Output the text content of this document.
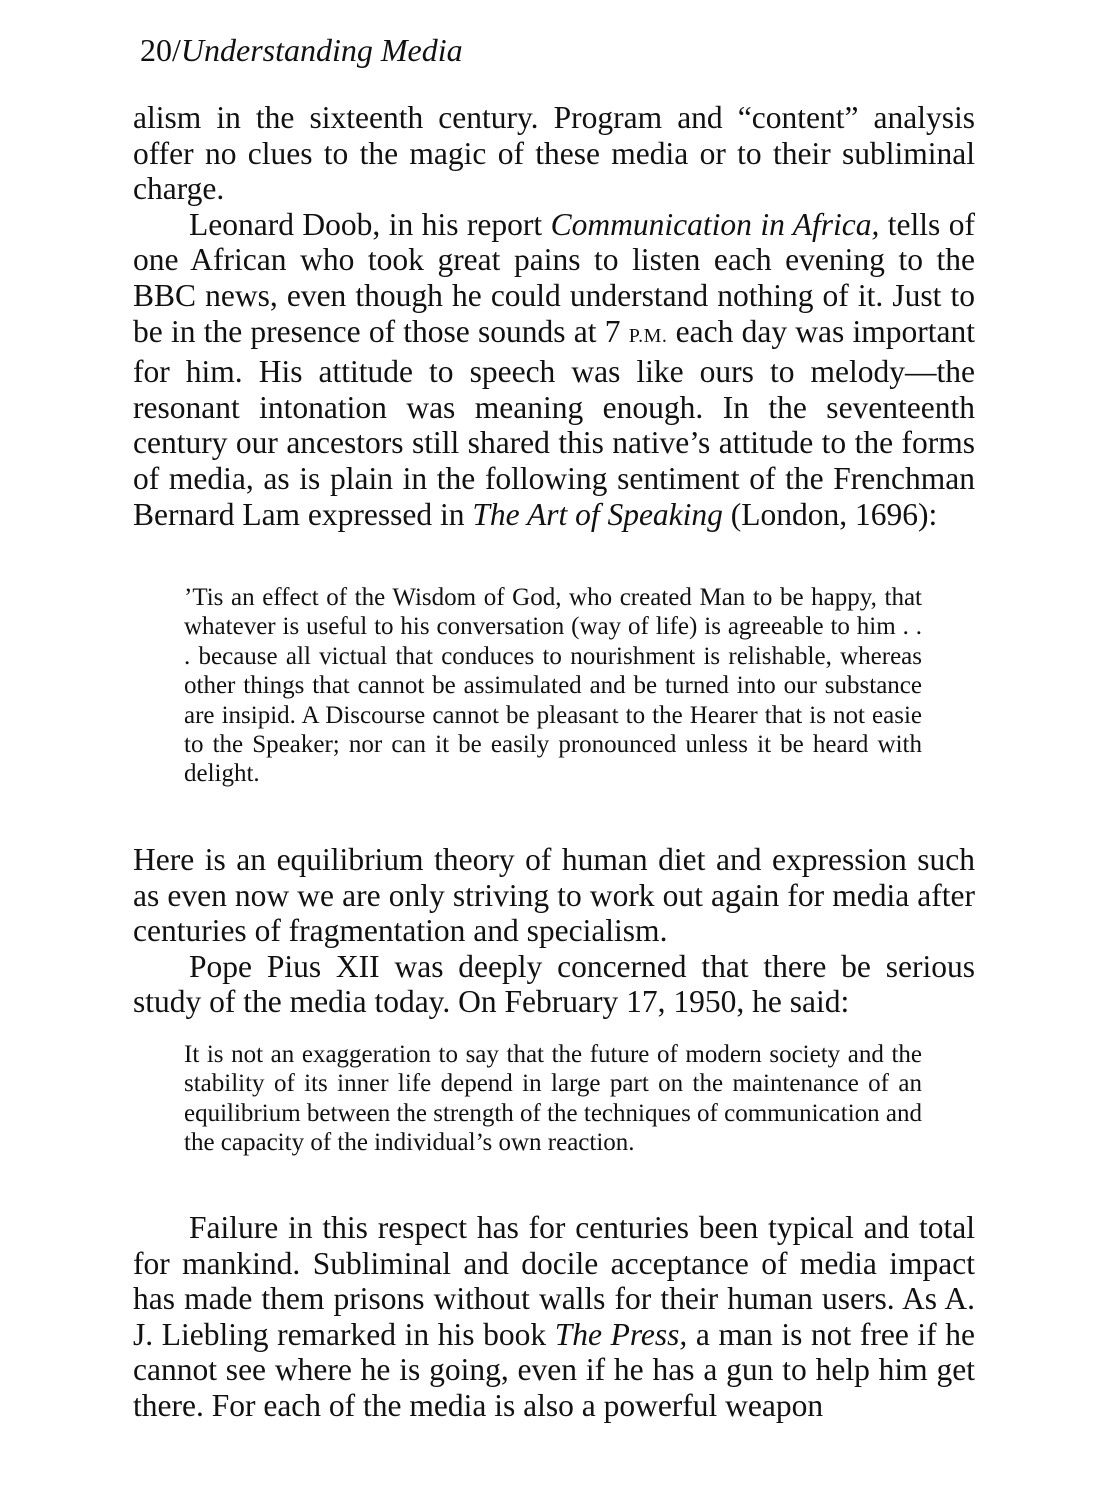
20/Understanding Media

alism in the sixteenth century. Program and “content” analysis offer no clues to the magic of these media or to their subliminal charge.

Leonard Doob, in his report Communication in Africa, tells of one African who took great pains to listen each evening to the BBC news, even though he could understand nothing of it. Just to be in the presence of those sounds at 7 P.M. each day was important for him. His attitude to speech was like ours to melody—the resonant intonation was meaning enough. In the seventeenth century our ancestors still shared this native’s attitude to the forms of media, as is plain in the following sentiment of the Frenchman Bernard Lam expressed in The Art of Speaking (London, 1696):

’Tis an effect of the Wisdom of God, who created Man to be happy, that whatever is useful to his conversation (way of life) is agreeable to him . . . because all victual that conduces to nourishment is relishable, whereas other things that cannot be assimulated and be turned into our substance are insipid. A Discourse cannot be pleasant to the Hearer that is not easie to the Speaker; nor can it be easily pronounced unless it be heard with delight.

Here is an equilibrium theory of human diet and expression such as even now we are only striving to work out again for media after centuries of fragmentation and specialism.

Pope Pius XII was deeply concerned that there be serious study of the media today. On February 17, 1950, he said:

It is not an exaggeration to say that the future of modern society and the stability of its inner life depend in large part on the maintenance of an equilibrium between the strength of the techniques of communication and the capacity of the individual’s own reaction.

Failure in this respect has for centuries been typical and total for mankind. Subliminal and docile acceptance of media impact has made them prisons without walls for their human users. As A. J. Liebling remarked in his book The Press, a man is not free if he cannot see where he is going, even if he has a gun to help him get there. For each of the media is also a powerful weapon
